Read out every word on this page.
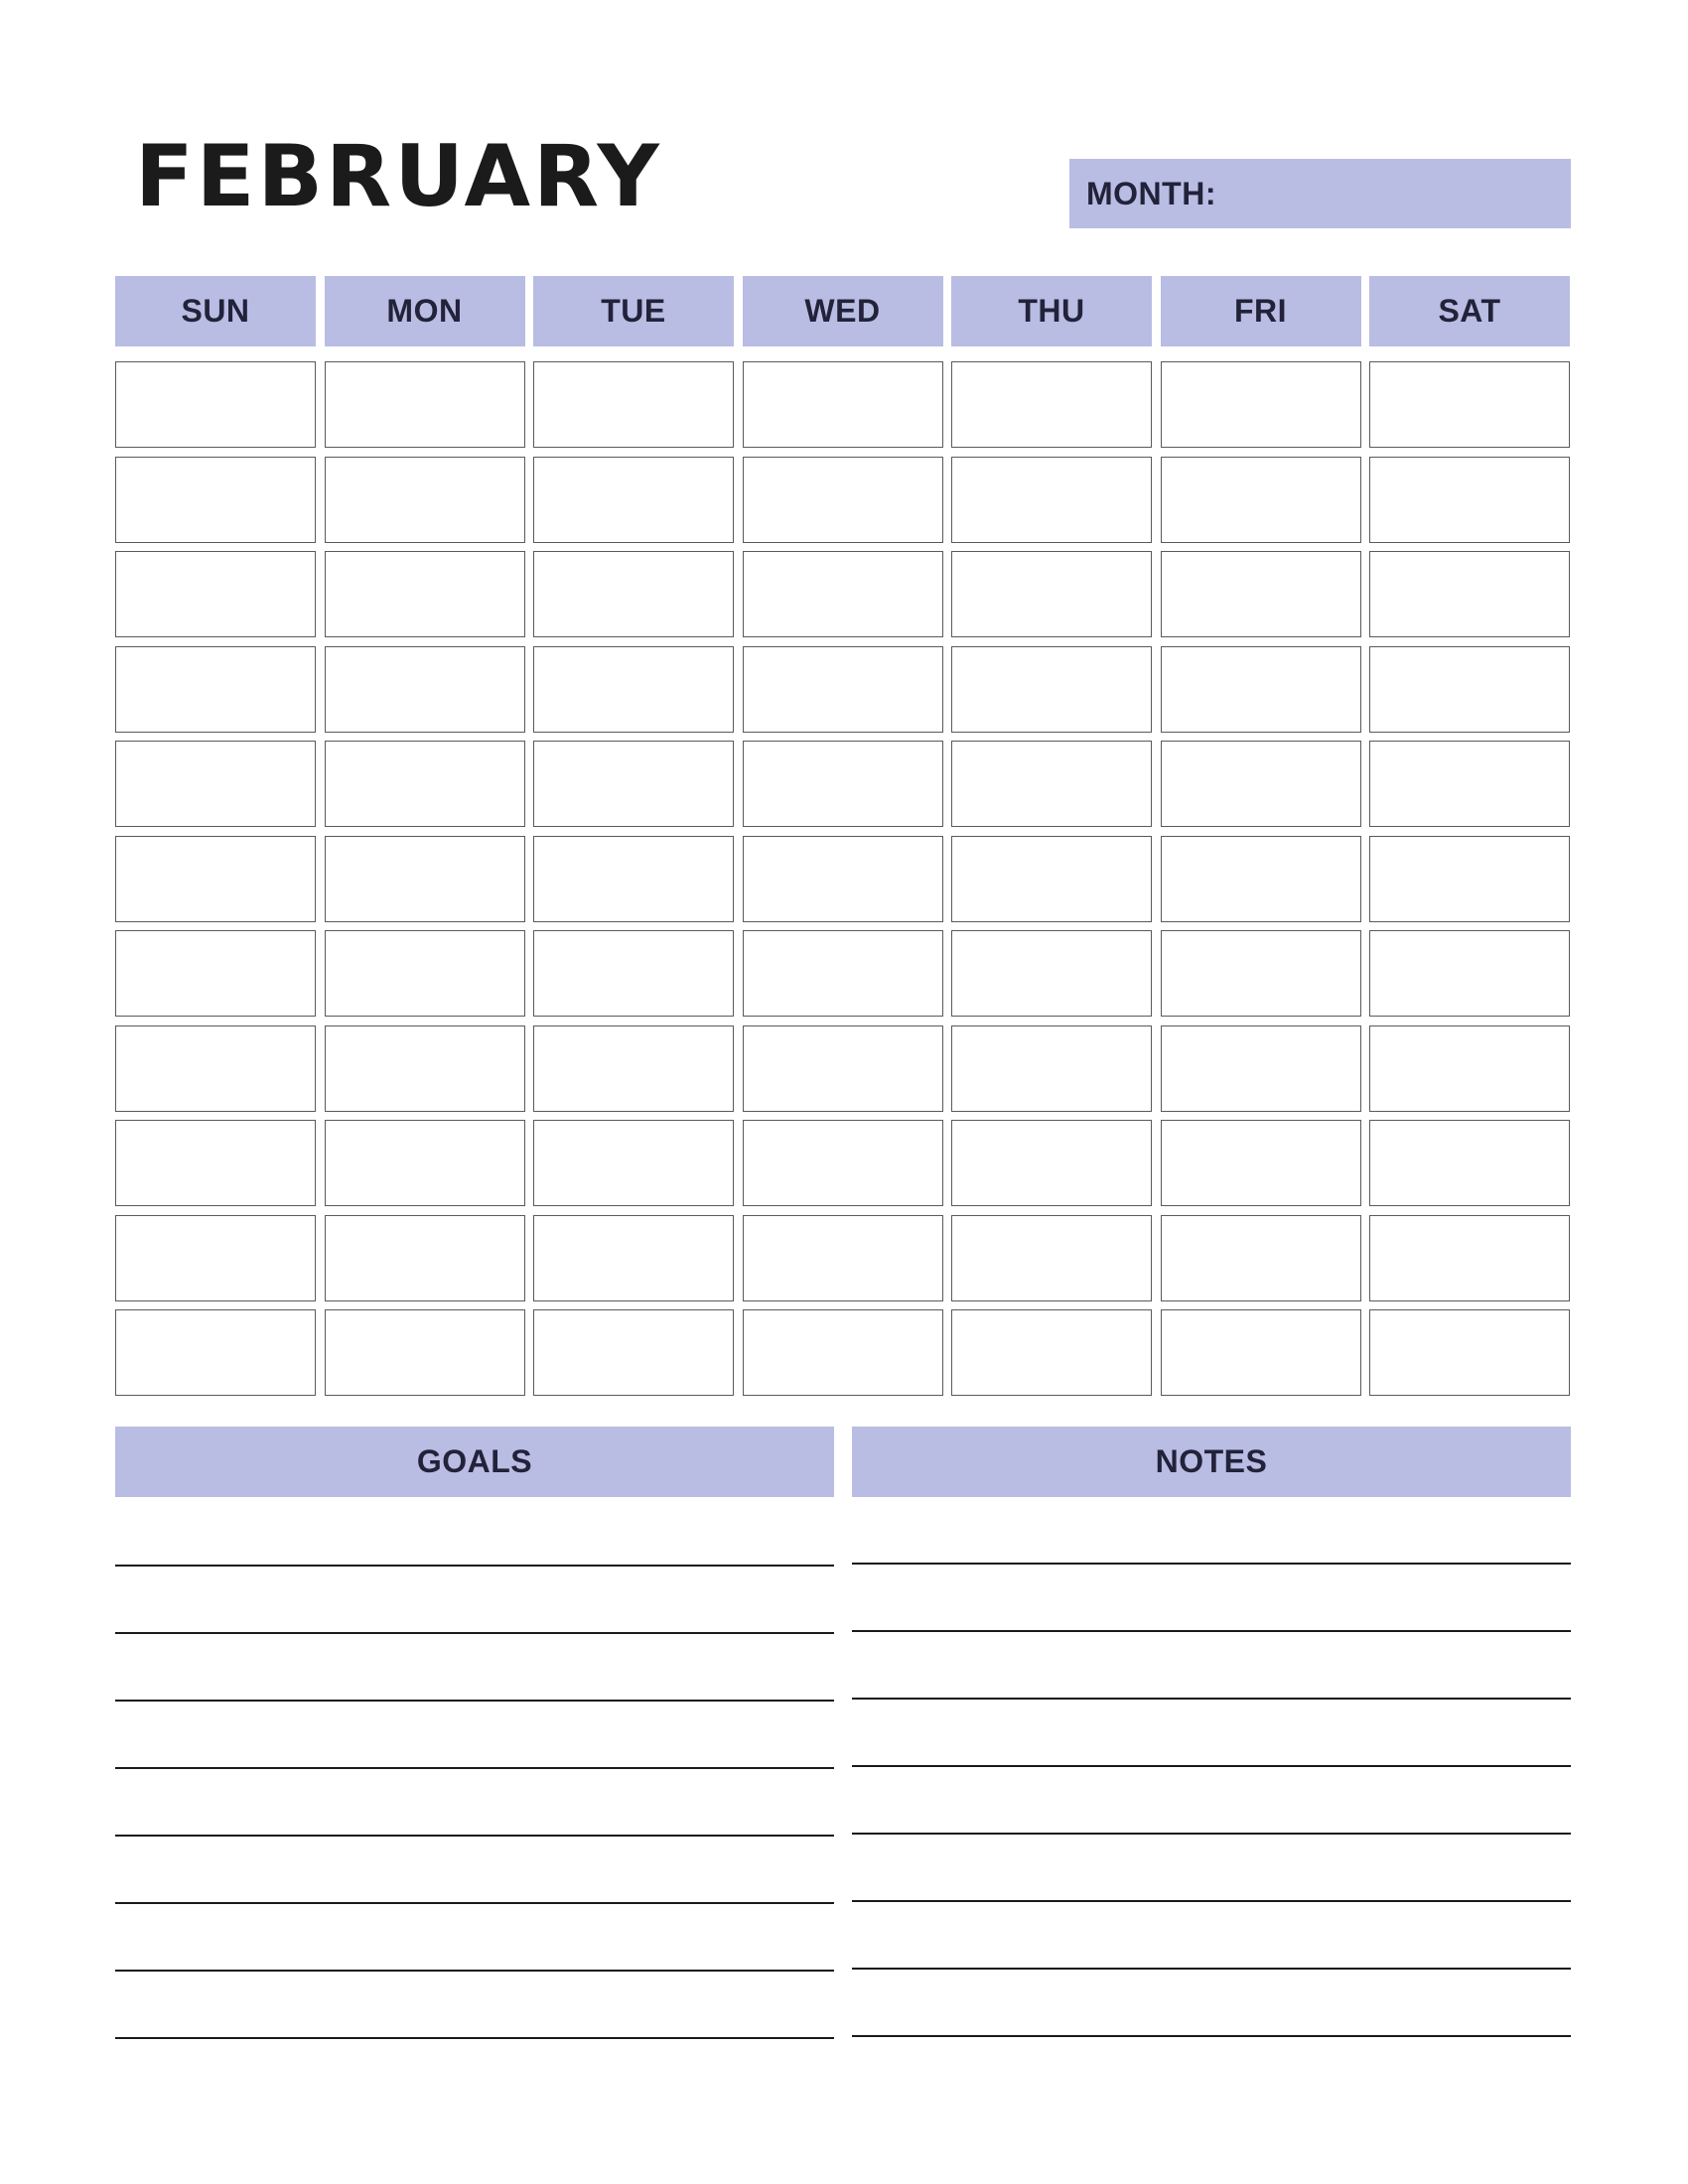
FEBRUARY	MONTH:
SUN	MON	TUE	WED	THU	FRI	SAT
GOALS	NOTES
